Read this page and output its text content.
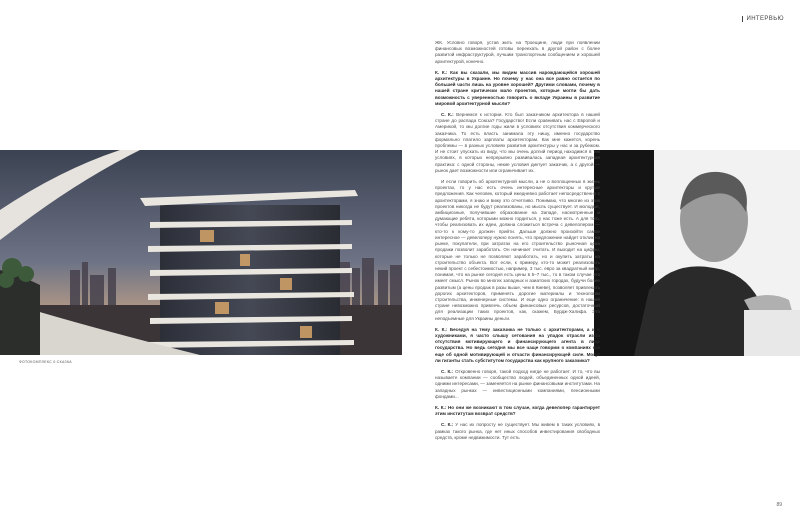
ИНТЕРВЬЮ
ФОТОКОМПЛЕКС 0:СКАЗКА

ЖК. Условно говоря, устав жить на Троещине, люди при появлении финансовых возможностей готовы переехать в другой район с более развитой инфраструктурой, лучшим транспортным сообщением и хорошей архитектурой, конечно.

К. К.: Как вы сказали, мы видим массив нарождающейся хорошей архитектуры в Украине. Но почему у нас она все равно остается по большей части лишь на уровне хорошей? Другими словами, почему в нашей стране критически мало проектов, которые могли бы дать возможность с уверенностью говорить о вкладе Украины в развитие мировой архитектурной мысли?

С. К.: Вернемся к истории. Кто был заказчиком архитектора в нашей стране до распада Союза? Государство! Если сравнивать нас с Европой и Америкой, то мы долгие годы жили в условиях отсутствия коммерческого заказчика. То есть власть занимала эту нишу, именно государство формально платило зарплаты архитекторам. Как мне кажется, корень проблемы — в разных условиях развития архитектуры у нас и за рубежом. И не стоит упускать из виду, что мы очень долгий период находимся в тех условиях, в которых непрерывно развивалась западная архитектурная практика: с одной стороны, некие условия диктует заказчик, а с другой — рынок дает возможности или ограничивает их.

И если говорить об архитектурной мысли, а не о воплощенных в жизнь проектах, то у нас есть очень интересные архитекторы и крутые предложения. Как человек, который ежедневно работает непосредственно с архитекторами, я знаю и вижу это отчетливо. Понимаю, что многие из этих проектов никогда не будут реализованы, но мысль существует. И молодые, амбициозные, получившие образование на Западе, насмотренные и думающие ребята, которыми можно гордиться, у нас тоже есть. А для того, чтобы реализовать их идеи, должна сложиться встреча с девелопером — кто-то к кому-то должен прийти. Дальше должно произойти самое интересное — девелоперу нужно понять, что предложение найдет отклик на рынке, покупатели, при затратах на его строительство рыночная цена продажи позволит заработать. Он начинает считать. И выходит на цифры, которые не только не позволяют заработать, но и окупить затраты на строительство объекта. Вот если, к примеру, кто-то может реализовать некий проект с себестоимостью, например, 3 тыс. евро за квадратный метр, понимая, что на рынке сегодня есть цены в 5–7 тыс., то в таком случае это имеет смысл. Рынок во многих западных и азиатских городах, будучи более развитым (а цены продаж в разы выше, чем в Киеве), позволяет привлекать дорогих архитекторов, применять дорогие материалы и технологии строительства, инженерные системы. И еще одно ограничение: в нашей стране невозможно привлечь объем финансовых ресурсов, достаточный для реализации таких проектов, как, скажем, Бурдж-Халифа. Это неподъемные для Украины деньги.

К. К.: Беседуя на тему заказчика не только с архитекторами, а и с художниками, я часто слышу сетования на упадок отрасли из-за отсутствия мотивирующего и финансирующего агента в лице государства. Но ведь сегодня мы все чаще говорим о компаниях как еще об одной мотивирующей и отчасти финансирующей силе. Могут ли гиганты стать субститутом государства как крупного заказчика?

С. К.: Откровенно говоря, такой подход нигде не работает. И то, что вы называете компании — сообщество людей, объединенных одной идеей, одними интересами, — заменяется на рынке финансовыми институтами. На западных рынках — инвестиционными компаниями, пенсионными фондами...

К. К.: Но они же возникают в том случае, когда девелопер гарантирует этим институтам возврат средств?

С. К.: У нас их попросту не существует. Мы живем в таких условиях, в рамках такого рынка, где нет иных способов инвестирования свободных средств, кроме недвижимости. Тут есть

89
